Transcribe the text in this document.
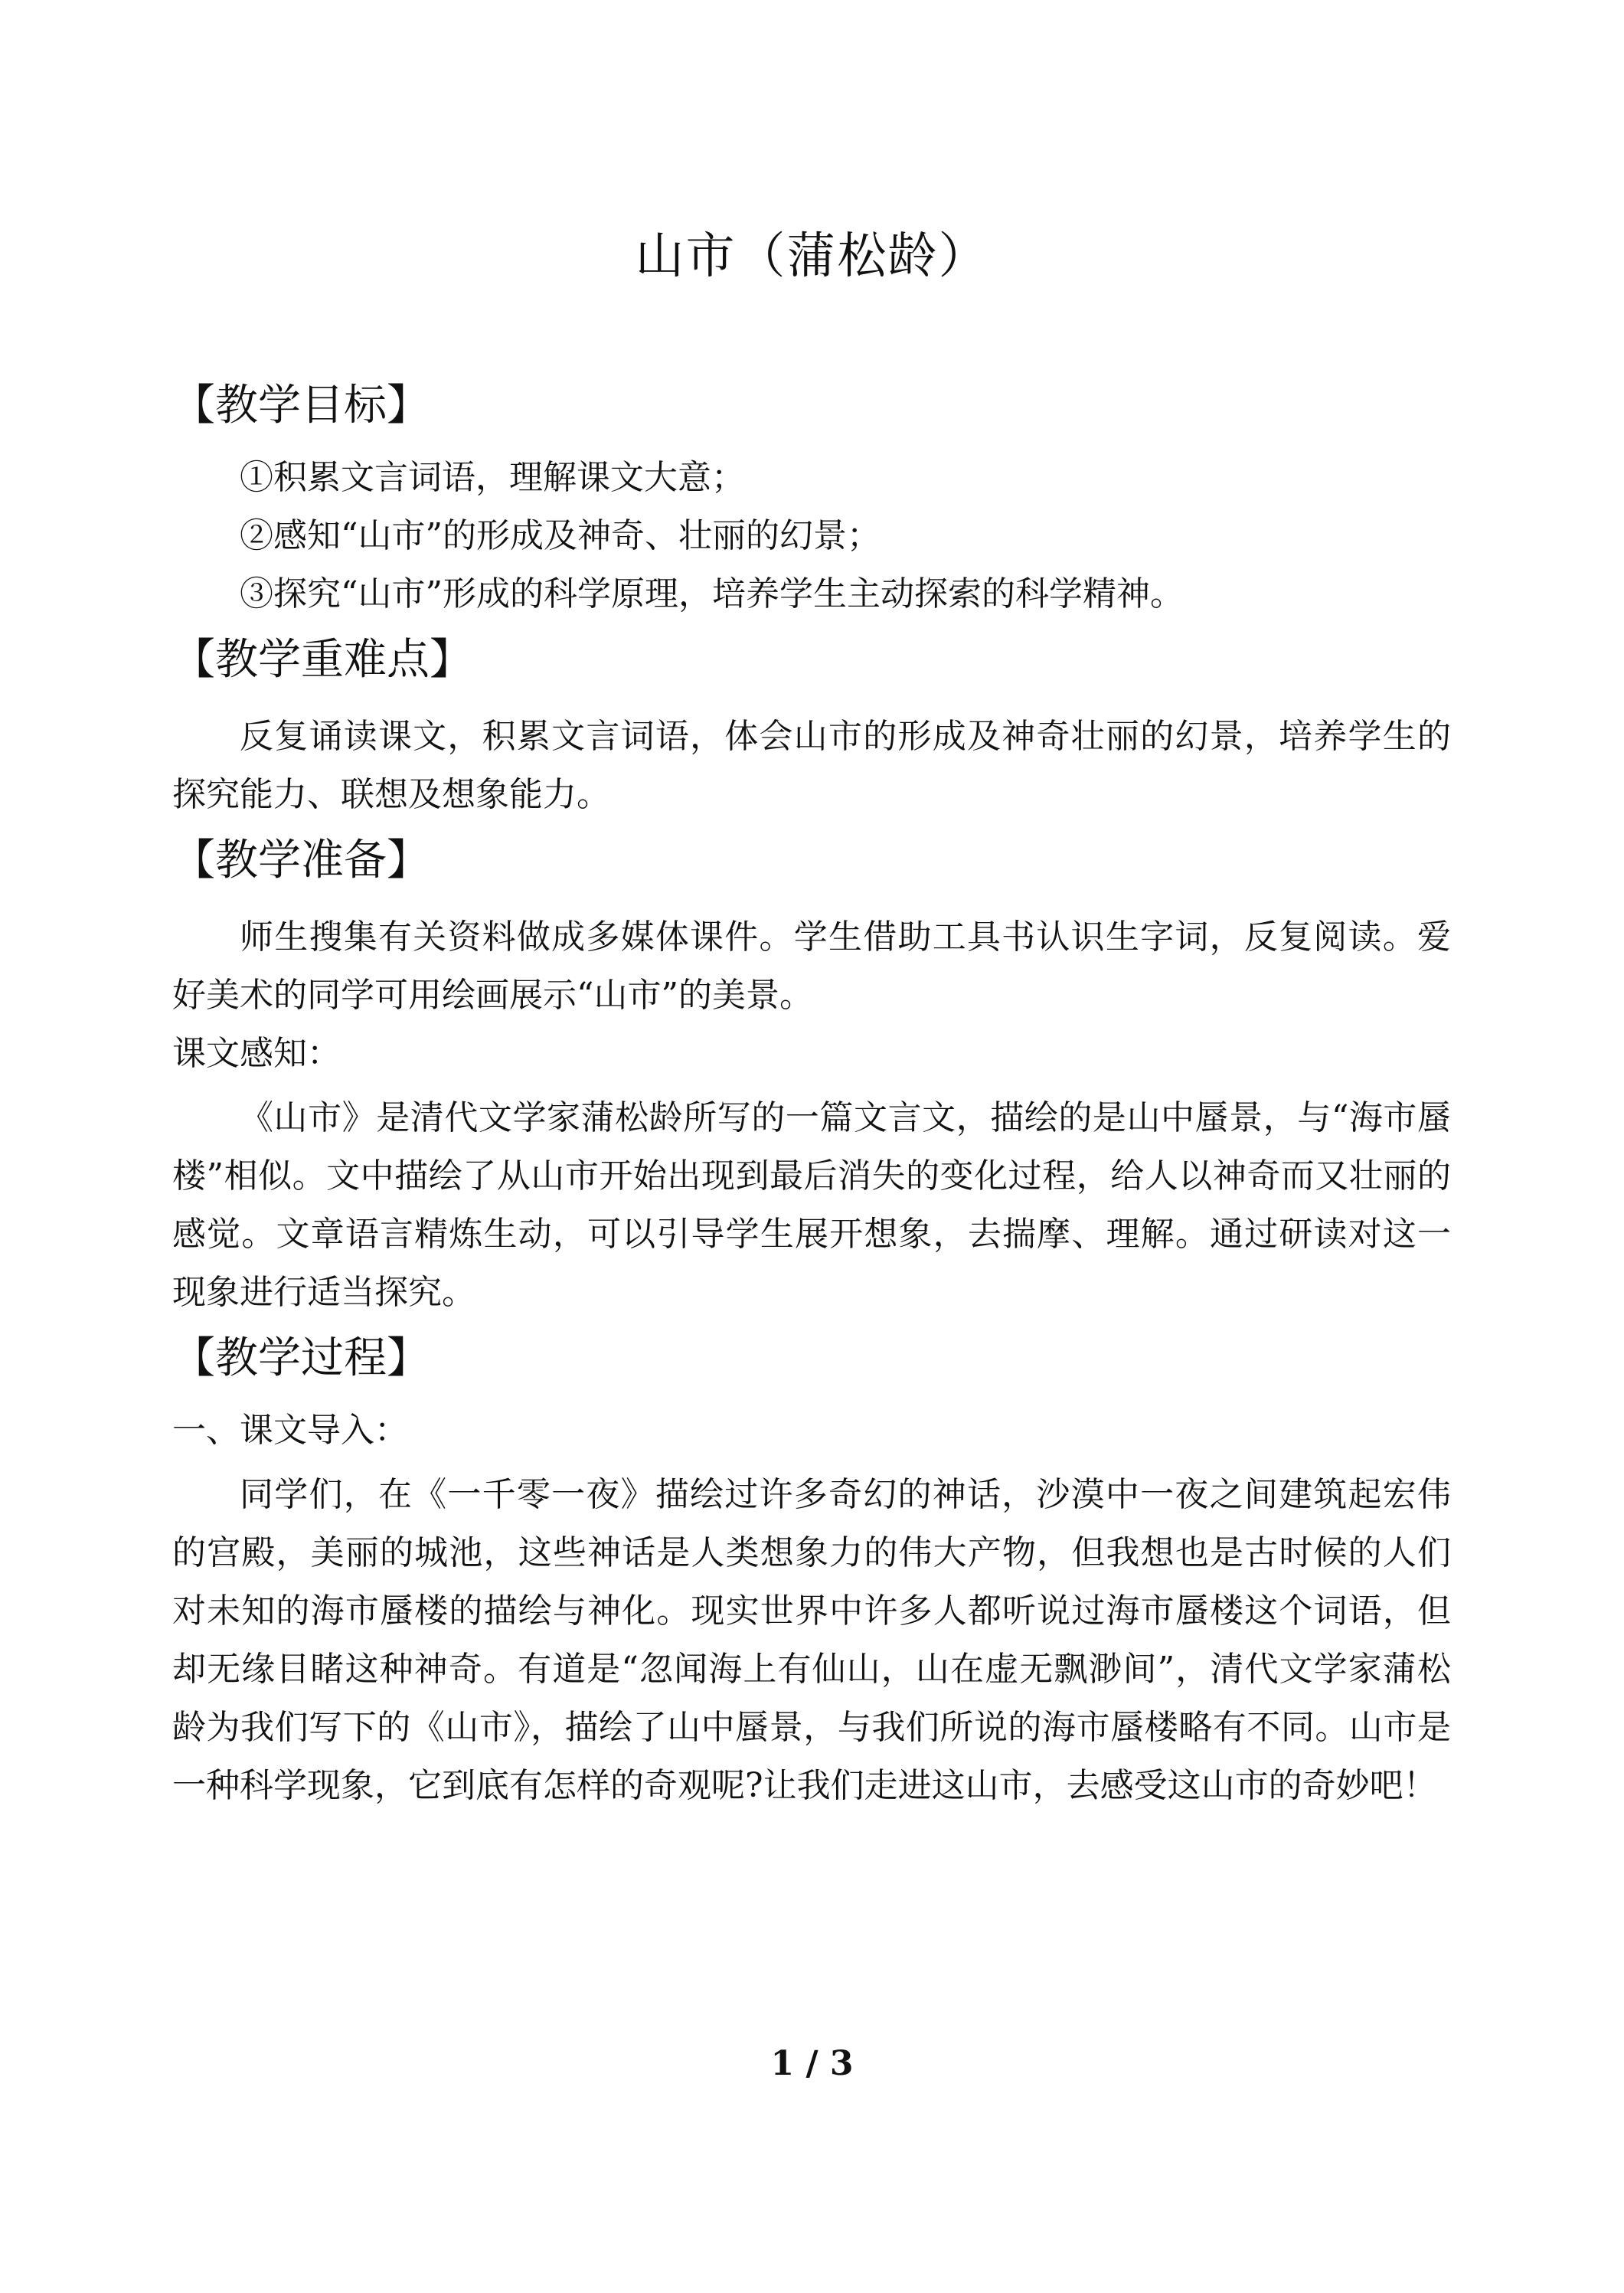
山市（蒲松龄）
【教学目标】

①积累文言词语，理解课文大意；

②感知“山市”的形成及神奇、壮丽的幻景；

③探究“山市”形成的科学原理，培养学生主动探索的科学精神。

【教学重难点】

反复诵读课文，积累文言词语，体会山市的形成及神奇壮丽的幻景，培养学生的探究能力、联想及想象能力。

【教学准备】

师生搜集有关资料做成多媒体课件。学生借助工具书认识生字词，反复阅读。爱好美术的同学可用绘画展示“山市”的美景。

课文感知：

《山市》是清代文学家蒲松龄所写的一篇文言文，描绘的是山中蜃景，与“海市蜃楼”相似。文中描绘了从山市开始出现到最后消失的变化过程，给人以神奇而又壮丽的感觉。文章语言精炼生动，可以引导学生展开想象，去揣摩、理解。通过研读对这一现象进行适当探究。

【教学过程】

一、课文导入：

同学们，在《一千零一夜》描绘过许多奇幻的神话，沙漠中一夜之间建筑起宏伟的宫殿，美丽的城池，这些神话是人类想象力的伟大产物，但我想也是古时候的人们对未知的海市蜃楼的描绘与神化。现实世界中许多人都听说过海市蜃楼这个词语，但却无缘目睹这种神奇。有道是“忽闻海上有仙山，山在虚无飘渺间”，清代文学家蒲松龄为我们写下的《山市》，描绘了山中蜃景，与我们所说的海市蜃楼略有不同。山市是一种科学现象，它到底有怎样的奇观呢?让我们走进这山市，去感受这山市的奇妙吧！

1 / 3
